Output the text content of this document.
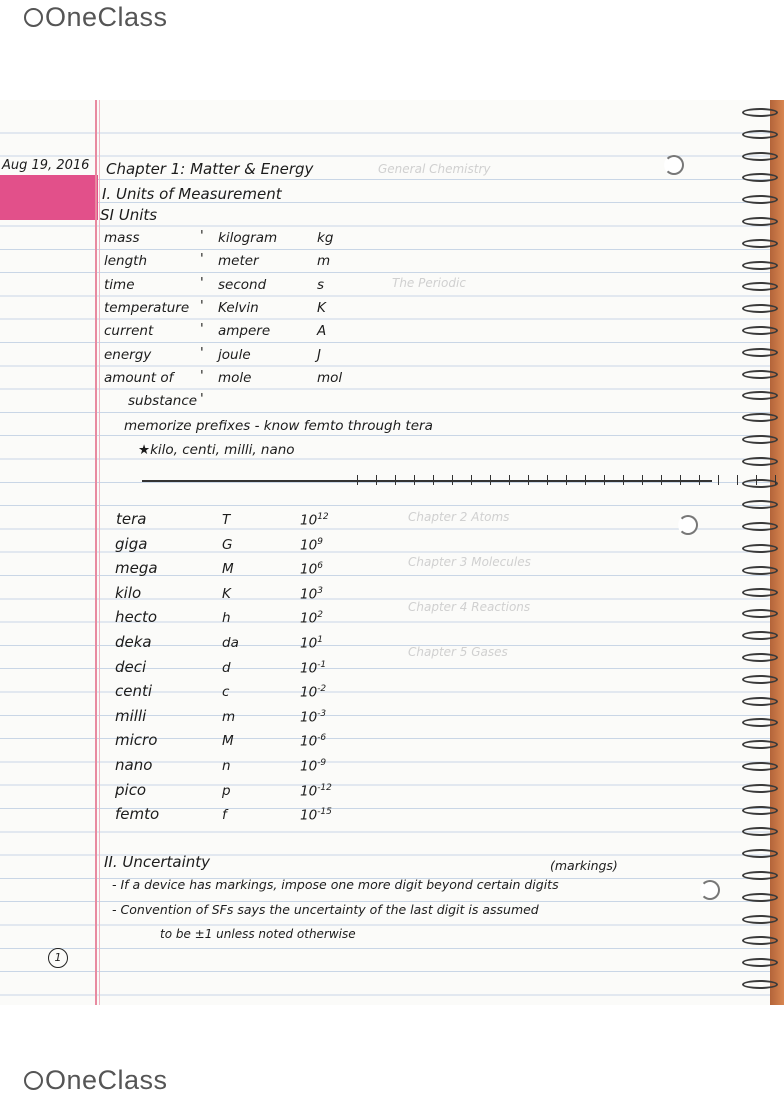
OneClass
General Chemistry
The Periodic
Chapter 2 Atoms
Chapter 3 Molecules
Chapter 4 Reactions
Chapter 5 Gases
Aug 19, 2016 Chapter 1: Matter & Energy
I. Units of Measurement
SI Units
mass	' kilogram	kg
length	' meter	m
time	' second	s
temperature ' Kelvin	K
current	' ampere	A
energy	' joule	J
amount of ' mole	mol
substance '
memorize prefixes - know femto through tera
★kilo, centi, milli, nano
tera	T	$10^{12}$
giga	G	$10^9$
mega	M	$10^6$
kilo	K	$10^3$
hecto	h	$10^2$
deka	da	$10^1$
deci	d	$10^{-1}$
centi	c	$10^{-2}$
milli	m	$10^{-3}$
micro	M	$10^{-6}$
nano	n	$10^{-9}$
pico	p	$10^{-12}$
femto	f	$10^{-15}$
II. Uncertainty	(markings)
- If a device has markings, impose one more digit beyond certain digits
- Convention of SFs says the uncertainty of the last digit is assumed
to be ±1 unless noted otherwise
1
OneClass
